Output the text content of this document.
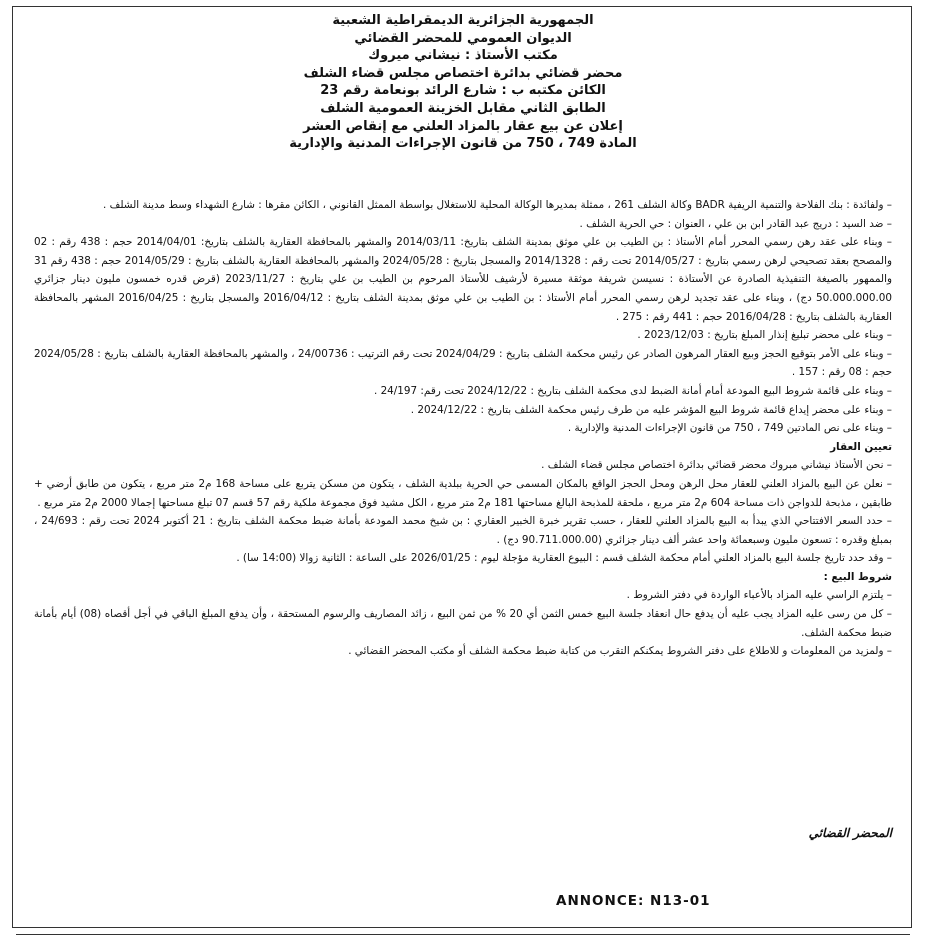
الجمهورية الجزائرية الديمقراطية الشعبية

الديوان العمومي للمحضر القضائي

مكتب الأستاذ : نيشاني ميروك

محضر قضائي بدائرة اختصاص مجلس قضاء الشلف

الكائن مكتبه ب : شارع الرائد بونعامة رقم 23

الطابق الثاني مقابل الخزينة العمومية الشلف

إعلان عن بيع عقار بالمزاد العلني مع إنقاص العشر

المادة 749 ، 750 من قانون الإجراءات المدنية والإدارية

– ولفائدة : بنك الفلاحة والتنمية الريفية BADR وكالة الشلف 261 ، ممثلة بمديرها الوكالة المحلية للاستغلال بواسطة الممثل القانوني ، الكائن مقرها : شارع الشهداء وسط مدينة الشلف .

– ضد السيد : دريج عبد القادر ابن بن علي ، العنوان : حي الحرية الشلف .

– وبناء على عقد رهن رسمي المحرر أمام الأستاذ : بن الطيب بن علي موثق بمدينة الشلف بتاريخ: 2014/03/11 والمشهر بالمحافظة العقارية بالشلف بتاريخ: 2014/04/01 حجم : 438 رقم : 02 والمصحح بعقد تصحيحي لرهن رسمي بتاريخ : 2014/05/27 تحت رقم : 2014/1328 والمسجل بتاريخ : 2024/05/28 والمشهر بالمحافظة العقارية بالشلف بتاريخ : 2014/05/29 حجم : 438 رقم 31 والممهور بالصيغة التنفيذية الصادرة عن الأستاذة : نسيسن شريفة موثقة مسيرة لأرشيف للأستاذ المرحوم بن الطيب بن علي بتاريخ : 2023/11/27 (قرض قدره خمسون مليون دينار جزائري 50.000.000.00 دج) ، وبناء على عقد تجديد لرهن رسمي المحرر أمام الأستاذ : بن الطيب بن علي موثق بمدينة الشلف بتاريخ : 2016/04/12 والمسجل بتاريخ : 2016/04/25 المشهر بالمحافظة العقارية بالشلف بتاريخ : 2016/04/28 حجم : 441 رقم : 275 .

– وبناء على محضر تبليغ إنذار المبلغ بتاريخ : 2023/12/03 .

– وبناء على الأمر بتوقيع الحجز وبيع العقار المرهون الصادر عن رئيس محكمة الشلف بتاريخ : 2024/04/29 تحت رقم الترتيب : 24/00736 ، والمشهر بالمحافظة العقارية بالشلف بتاريخ : 2024/05/28 حجم : 08 رقم : 157 .

– وبناء على قائمة شروط البيع المودعة أمام أمانة الضبط لدى محكمة الشلف بتاريخ : 2024/12/22 تحت رقم: 24/197 .

– وبناء على محضر إيداع قائمة شروط البيع المؤشر عليه من طرف رئيس محكمة الشلف بتاريخ : 2024/12/22 .

– وبناء على نص المادتين 749 ، 750 من قانون الإجراءات المدنية والإدارية .

تعيين العقار

– نحن الأستاذ نيشاني مبروك محضر قضائي بدائرة اختصاص مجلس قضاء الشلف .

– نعلن عن البيع بالمزاد العلني للعقار محل الرهن ومحل الحجز الواقع بالمكان المسمى حي الحرية ببلدية الشلف ، يتكون من مسكن يتربع على مساحة 168 م2 متر مربع ، يتكون من طابق أرضي + طابقين ، مذبحة للدواجن ذات مساحة 604 م2 متر مربع ، ملحقة للمذبحة البالغ مساحتها 181 م2 متر مربع ، الكل مشيد فوق مجموعة ملكية رقم 57 قسم 07 تبلغ مساحتها إجمالا 2000 م2 متر مربع .

– حدد السعر الافتتاحي الذي يبدأ به البيع بالمزاد العلني للعقار ، حسب تقرير خبرة الخبير العقاري : بن شيخ محمد المودعة بأمانة ضبط محكمة الشلف بتاريخ : 21 أكتوبر 2024 تحت رقم : 24/693 ، بمبلغ وقدره : تسعون مليون وسبعمائة واحد عشر ألف دينار جزائري (90.711.000.00 دج) .

– وقد حدد تاريخ جلسة البيع بالمزاد العلني أمام محكمة الشلف قسم : البيوع العقارية مؤجلة ليوم : 2026/01/25 على الساعة : الثانية زوالا (14:00 سا) .

شروط البيع :

– يلتزم الراسي عليه المزاد بالأعباء الواردة في دفتر الشروط .

– كل من رسى عليه المزاد يجب عليه أن يدفع حال انعقاد جلسة البيع خمس الثمن أي 20 % من ثمن البيع ، زائد المصاريف والرسوم المستحقة ، وأن يدفع المبلغ الباقي في أجل أقصاه (08) أيام بأمانة ضبط محكمة الشلف.

– ولمزيد من المعلومات و للاطلاع على دفتر الشروط يمكنكم التقرب من كتابة ضبط محكمة الشلف أو مكتب المحضر القضائي .

المحضر القضائي
ANNONCE: N13-01
